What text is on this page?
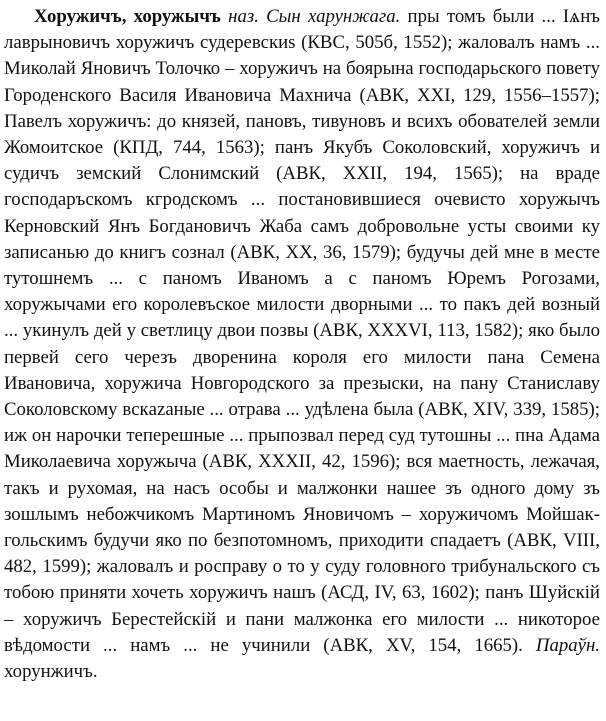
Хоружичъ, хоружычъ наз. Сын харунжага. пры томъ были ... Іѧнъ лаврыновичъ хоружичъ судеревскиѕ (КВС, 505б, 1552); жаловалъ намъ ... Миколай Яновичъ Толочко – хоружичъ на боярына господарьского повету Городенского Василя Ивановича Махнича (АВК, XXI, 129, 1556–1557); Павелъ хоружичъ: до князей, пановъ, тивуновъ и всихъ обователей земли Жомоитское (КПД, 744, 1563); панъ Якубъ Соколовский, хоружичъ и судичъ земский Слонимский (АВК, XXII, 194, 1565); на враде господаръскомъ кгродскомъ ... постановившиеся очевисто хоружычъ Керновский Янъ Богдановичъ Жаба самъ добровольне усты своими ку записанью до книгъ сознал (АВК, XX, 36, 1579); будучы дей мне в месте тутошнемъ ... с паномъ Иваномъ а с паномъ Юремъ Рогозами, хоружычами его королевъское милости дворными ... то пакъ дей возный ... укинулъ дей у светлицу двои позвы (АВК, XXXVI, 113, 1582); яко было первей сего черезъ дворенина короля его милости пана Семена Ивановича, хоружича Новгородского за презыски, на пану Станиславу Соколовскому вскazаные ... отрава ... удѣлена была (АВК, XIV, 339, 1585); иж он нарочки теперешные ... прыпозвал перед суд тутошны ... пна Адама Миколаевича хоружыча (АВК, XXXII, 42, 1596); вся маетность, лежачая, такъ и рухомая, на насъ особы и малжонки нашее зъ одного дому зъ зошлымъ небожчикомъ Мартиномъ Яновичомъ – хоружичомъ Мойшакгольскимъ будучи яко по безпотомномъ, приходити спадаетъ (АВК, VIII, 482, 1599); жаловалъ и росправу о то у суду головного трибунальского съ тобою приняти хочеть хоружичъ нашъ (АСД, IV, 63, 1602); панъ Шуйскій – хоружичъ Берестейскій и пани малжонка его милости ... никоторое вѣдомости ... намъ ... не учинили (АВК, XV, 154, 1665). Параўн. хорунжичъ.
